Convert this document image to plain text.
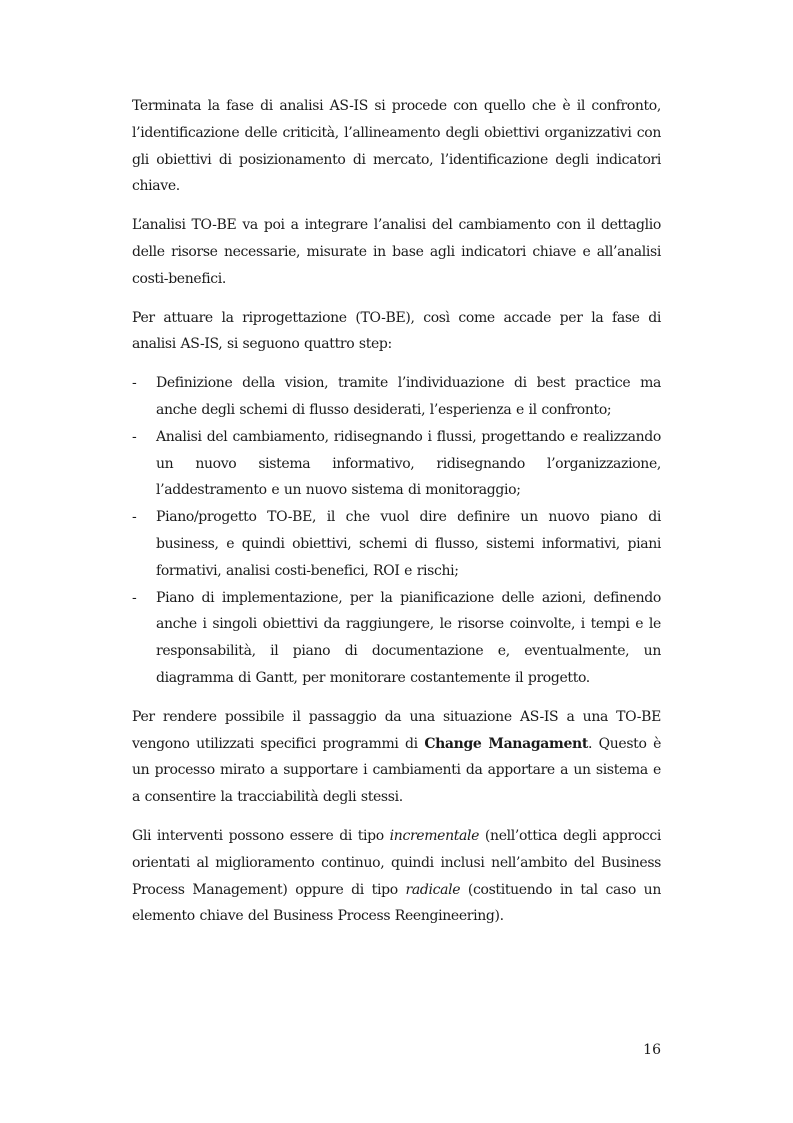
Terminata la fase di analisi AS-IS si procede con quello che è il confronto, l’identificazione delle criticità, l’allineamento degli obiettivi organizzativi con gli obiettivi di posizionamento di mercato, l’identificazione degli indicatori chiave.

L’analisi TO-BE va poi a integrare l’analisi del cambiamento con il dettaglio delle risorse necessarie, misurate in base agli indicatori chiave e all’analisi costi-benefici.

Per attuare la riprogettazione (TO-BE), così come accade per la fase di analisi AS-IS, si seguono quattro step:

- Definizione della vision, tramite l’individuazione di best practice ma anche degli schemi di flusso desiderati, l’esperienza e il confronto;
- Analisi del cambiamento, ridisegnando i flussi, progettando e realizzando un nuovo sistema informativo, ridisegnando l’organizzazione, l’addestramento e un nuovo sistema di monitoraggio;
- Piano/progetto TO-BE, il che vuol dire definire un nuovo piano di business, e quindi obiettivi, schemi di flusso, sistemi informativi, piani formativi, analisi costi-benefici, ROI e rischi;
- Piano di implementazione, per la pianificazione delle azioni, definendo anche i singoli obiettivi da raggiungere, le risorse coinvolte, i tempi e le responsabilità, il piano di documentazione e, eventualmente, un diagramma di Gantt, per monitorare costantemente il progetto.

Per rendere possibile il passaggio da una situazione AS-IS a una TO-BE vengono utilizzati specifici programmi di Change Managament. Questo è un processo mirato a supportare i cambiamenti da apportare a un sistema e a consentire la tracciabilità degli stessi.

Gli interventi possono essere di tipo incrementale (nell’ottica degli approcci orientati al miglioramento continuo, quindi inclusi nell’ambito del Business Process Management) oppure di tipo radicale (costituendo in tal caso un elemento chiave del Business Process Reengineering).

16
